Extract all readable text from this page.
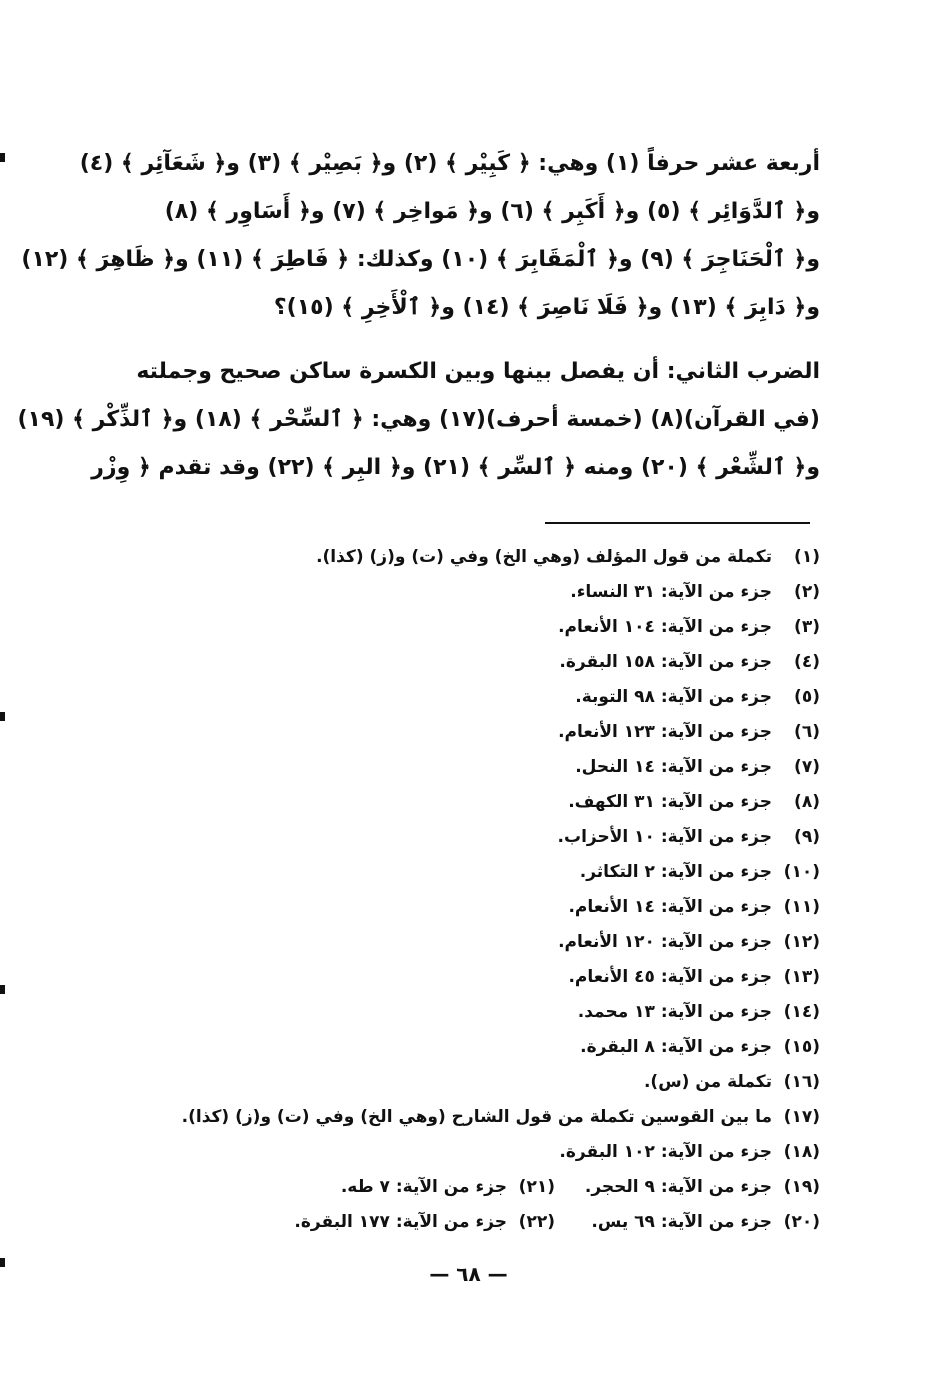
أربعة عشر حرفاً (١) وهي: ﴿ كَبِيْر ﴾ (٢) و﴿ بَصِيْر ﴾ (٣) و﴿ شَعَآئِر ﴾ (٤)
و﴿ ٱلدَّوَائِر ﴾ (٥) و﴿ أَكَبِر ﴾ (٦) و﴿ مَواخِر ﴾ (٧) و﴿ أَسَاوِر ﴾ (٨)
و﴿ ٱلْحَنَاجِرَ ﴾ (٩) و﴿ ٱلْمَقَابِرَ ﴾ (١٠) وكذلك: ﴿ فَاطِرَ ﴾ (١١) و﴿ ظَاهِرَ ﴾ (١٢)
و﴿ دَابِرَ ﴾ (١٣) و﴿ فَلَا نَاصِرَ ﴾ (١٤) و﴿ ٱلْأَخِرِ ﴾ (١٥)؟
الضرب الثاني: أن يفصل بينها وبين الكسرة ساكن صحيح وجملته
(في القرآن)(٨) (خمسة أحرف)(١٧) وهي: ﴿ ٱلسِّحْر ﴾ (١٨) و﴿ ٱلذِّكْر ﴾ (١٩)
و﴿ ٱلشِّعْر ﴾ (٢٠) ومنه ﴿ ٱلسِّر ﴾ (٢١) و﴿ البِر ﴾ (٢٢) وقد تقدم ﴿ وِزْر
(١)تكملة من قول المؤلف (وهي الخ) وفي (ت) و(ز) (كذا).
(٢)جزء من الآية: ٣١ النساء.
(٣)جزء من الآية: ١٠٤ الأنعام.
(٤)جزء من الآية: ١٥٨ البقرة.
(٥)جزء من الآية: ٩٨ التوبة.
(٦)جزء من الآية: ١٢٣ الأنعام.
(٧)جزء من الآية: ١٤ النحل.
(٨)جزء من الآية: ٣١ الكهف.
(٩)جزء من الآية: ١٠ الأحزاب.
(١٠)جزء من الآية: ٢ التكاثر.
(١١)جزء من الآية: ١٤ الأنعام.
(١٢)جزء من الآية: ١٢٠ الأنعام.
(١٣)جزء من الآية: ٤٥ الأنعام.
(١٤)جزء من الآية: ١٣ محمد.
(١٥)جزء من الآية: ٨ البقرة.
(١٦)تكملة من (س).
(١٧)ما بين القوسين تكملة من قول الشارح (وهي الخ) وفي (ت) و(ز) (كذا).
(١٨)جزء من الآية: ١٠٢ البقرة.
(١٩)جزء من الآية: ٩ الحجر.
(٢١)جزء من الآية: ٧ طه.
(٢٠)جزء من الآية: ٦٩ يس.
(٢٢)جزء من الآية: ١٧٧ البقرة.
— ٦٨ —
